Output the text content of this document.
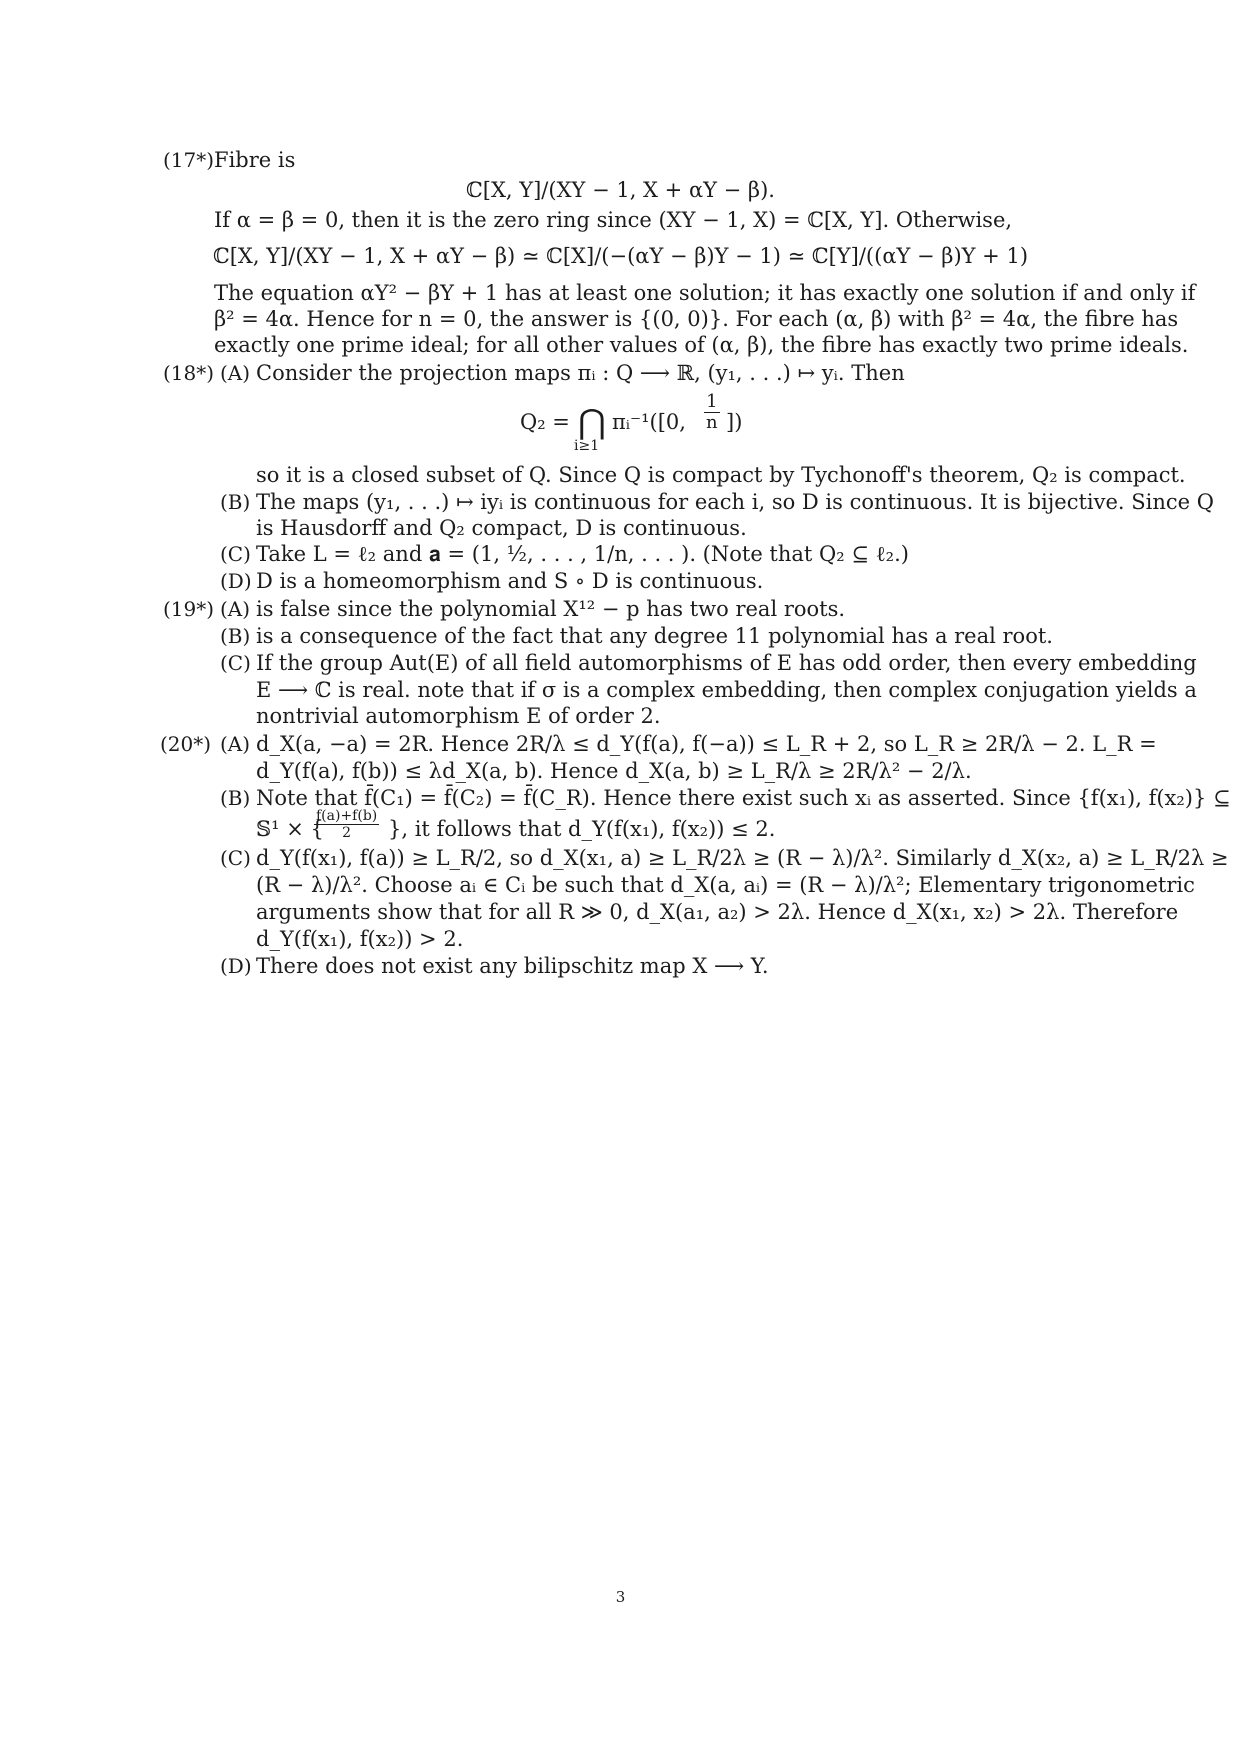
(17*) Fibre is
ℂ[X, Y]/(XY − 1, X + αY − β).
If α = β = 0, then it is the zero ring since (XY − 1, X) = ℂ[X, Y]. Otherwise,
ℂ[X, Y]/(XY − 1, X + αY − β) ≃ ℂ[X]/(−(αY − β)Y − 1) ≃ ℂ[Y]/((αY − β)Y + 1)
The equation αY² − βY + 1 has at least one solution; it has exactly one solution if and only if
β² = 4α. Hence for n = 0, the answer is {(0, 0)}. For each (α, β) with β² = 4α, the fibre has
exactly one prime ideal; for all other values of (α, β), the fibre has exactly two prime ideals.
(18*) (A) Consider the projection maps πᵢ : Q ⟶ ℝ, (y₁, . . .) ↦ yᵢ. Then
Q₂ = ⋂
i≥1
πᵢ⁻¹([0, $\frac{1}{n}$ ])
so it is a closed subset of Q. Since Q is compact by Tychonoff's theorem, Q₂ is compact.
(B) The maps (y₁, . . .) ↦ iyᵢ is continuous for each i, so D is continuous. It is bijective. Since Q
is Hausdorff and Q₂ compact, D is continuous.
(C) Take L = ℓ₂ and 𝐚 = (1, ½, . . . , 1/n, . . . ). (Note that Q₂ ⊆ ℓ₂.)
(D) D is a homeomorphism and S ∘ D is continuous.
(19*) (A) is false since the polynomial X¹² − p has two real roots.
(B) is a consequence of the fact that any degree 11 polynomial has a real root.
(C) If the group Aut(E) of all field automorphisms of E has odd order, then every embedding
E ⟶ ℂ is real. note that if σ is a complex embedding, then complex conjugation yields a
nontrivial automorphism E of order 2.
(20*) (A) d_X(a, −a) = 2R. Hence 2R/λ ≤ d_Y(f(a), f(−a)) ≤ L_R + 2, so L_R ≥ 2R/λ − 2. L_R =
d_Y(f(a), f(b)) ≤ λd_X(a, b). Hence d_X(a, b) ≥ L_R/λ ≥ 2R/λ² − 2/λ.
(B) Note that f̄(C₁) = f̄(C₂) = f̄(C_R). Hence there exist such xᵢ as asserted. Since {f(x₁), f(x₂)} ⊆
𝕊¹ × {
$\frac{f(a)+f(b)}{2}$ }, it follows that d_Y(f(x₁), f(x₂)) ≤ 2.
(C) d_Y(f(x₁), f(a)) ≥ L_R/2, so d_X(x₁, a) ≥ L_R/2λ ≥ (R − λ)/λ². Similarly d_X(x₂, a) ≥ L_R/2λ ≥
(R − λ)/λ². Choose aᵢ ∈ Cᵢ be such that d_X(a, aᵢ) = (R − λ)/λ²; Elementary trigonometric
arguments show that for all R ≫ 0, d_X(a₁, a₂) > 2λ. Hence d_X(x₁, x₂) > 2λ. Therefore
d_Y(f(x₁), f(x₂)) > 2.
(D) There does not exist any bilipschitz map X ⟶ Y.
3
